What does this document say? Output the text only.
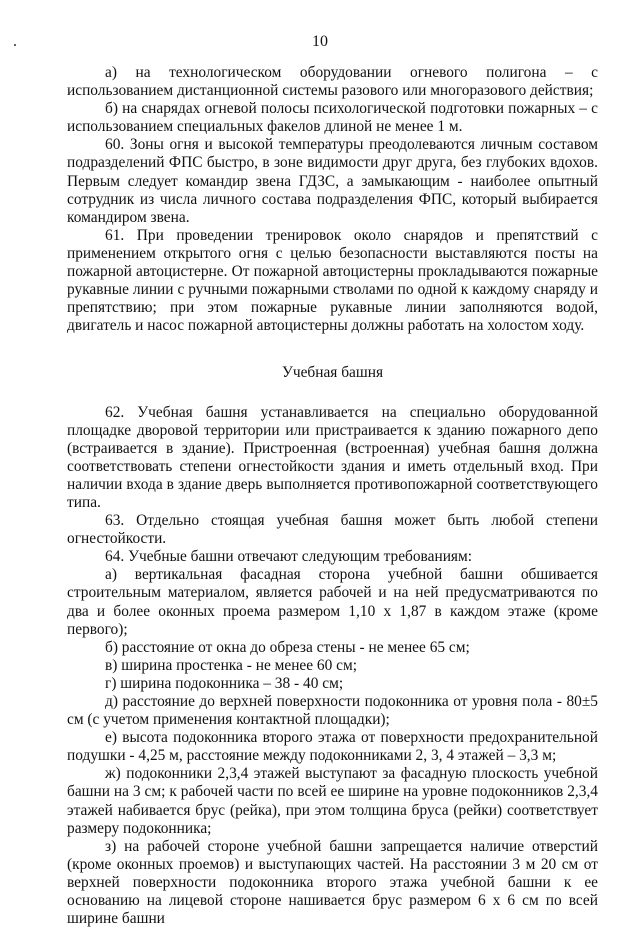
10

а) на технологическом оборудовании огневого полигона – с использованием дистанционной системы разового или многоразового действия;

б) на снарядах огневой полосы психологической подготовки пожарных – с использованием специальных факелов длиной не менее 1 м.

60. Зоны огня и высокой температуры преодолеваются личным составом подразделений ФПС быстро, в зоне видимости друг друга, без глубоких вдохов. Первым следует командир звена ГДЗС, а замыкающим - наиболее опытный сотрудник из числа личного состава подразделения ФПС, который выбирается командиром звена.

61. При проведении тренировок около снарядов и препятствий с применением открытого огня с целью безопасности выставляются посты на пожарной автоцистерне. От пожарной автоцистерны прокладываются пожарные рукавные линии с ручными пожарными стволами по одной к каждому снаряду и препятствию; при этом пожарные рукавные линии заполняются водой, двигатель и насос пожарной автоцистерны должны работать на холостом ходу.

Учебная башня

62. Учебная башня устанавливается на специально оборудованной площадке дворовой территории или пристраивается к зданию пожарного депо (встраивается в здание). Пристроенная (встроенная) учебная башня должна соответствовать степени огнестойкости здания и иметь отдельный вход. При наличии входа в здание дверь выполняется противопожарной соответствующего типа.

63. Отдельно стоящая учебная башня может быть любой степени огнестойкости.

64. Учебные башни отвечают следующим требованиям:

а) вертикальная фасадная сторона учебной башни обшивается строительным материалом, является рабочей и на ней предусматриваются по два и более оконных проема размером 1,10 х 1,87 в каждом этаже (кроме первого);

б) расстояние от окна до обреза стены - не менее 65 см;

в) ширина простенка - не менее 60 см;

г) ширина подоконника – 38 - 40 см;

д) расстояние до верхней поверхности подоконника от уровня пола - 80±5 см (с учетом применения контактной площадки);

е) высота подоконника второго этажа от поверхности предохранительной подушки - 4,25 м, расстояние между подоконниками 2, 3, 4 этажей – 3,3 м;

ж) подоконники 2,3,4 этажей выступают за фасадную плоскость учебной башни на 3 см; к рабочей части по всей ее ширине на уровне подоконников 2,3,4 этажей набивается брус (рейка), при этом толщина бруса (рейки) соответствует размеру подоконника;

з) на рабочей стороне учебной башни запрещается наличие отверстий (кроме оконных проемов) и выступающих частей. На расстоянии 3 м 20 см от верхней поверхности подоконника второго этажа учебной башни к ее основанию на лицевой стороне нашивается брус размером 6 х 6 см по всей ширине башни
